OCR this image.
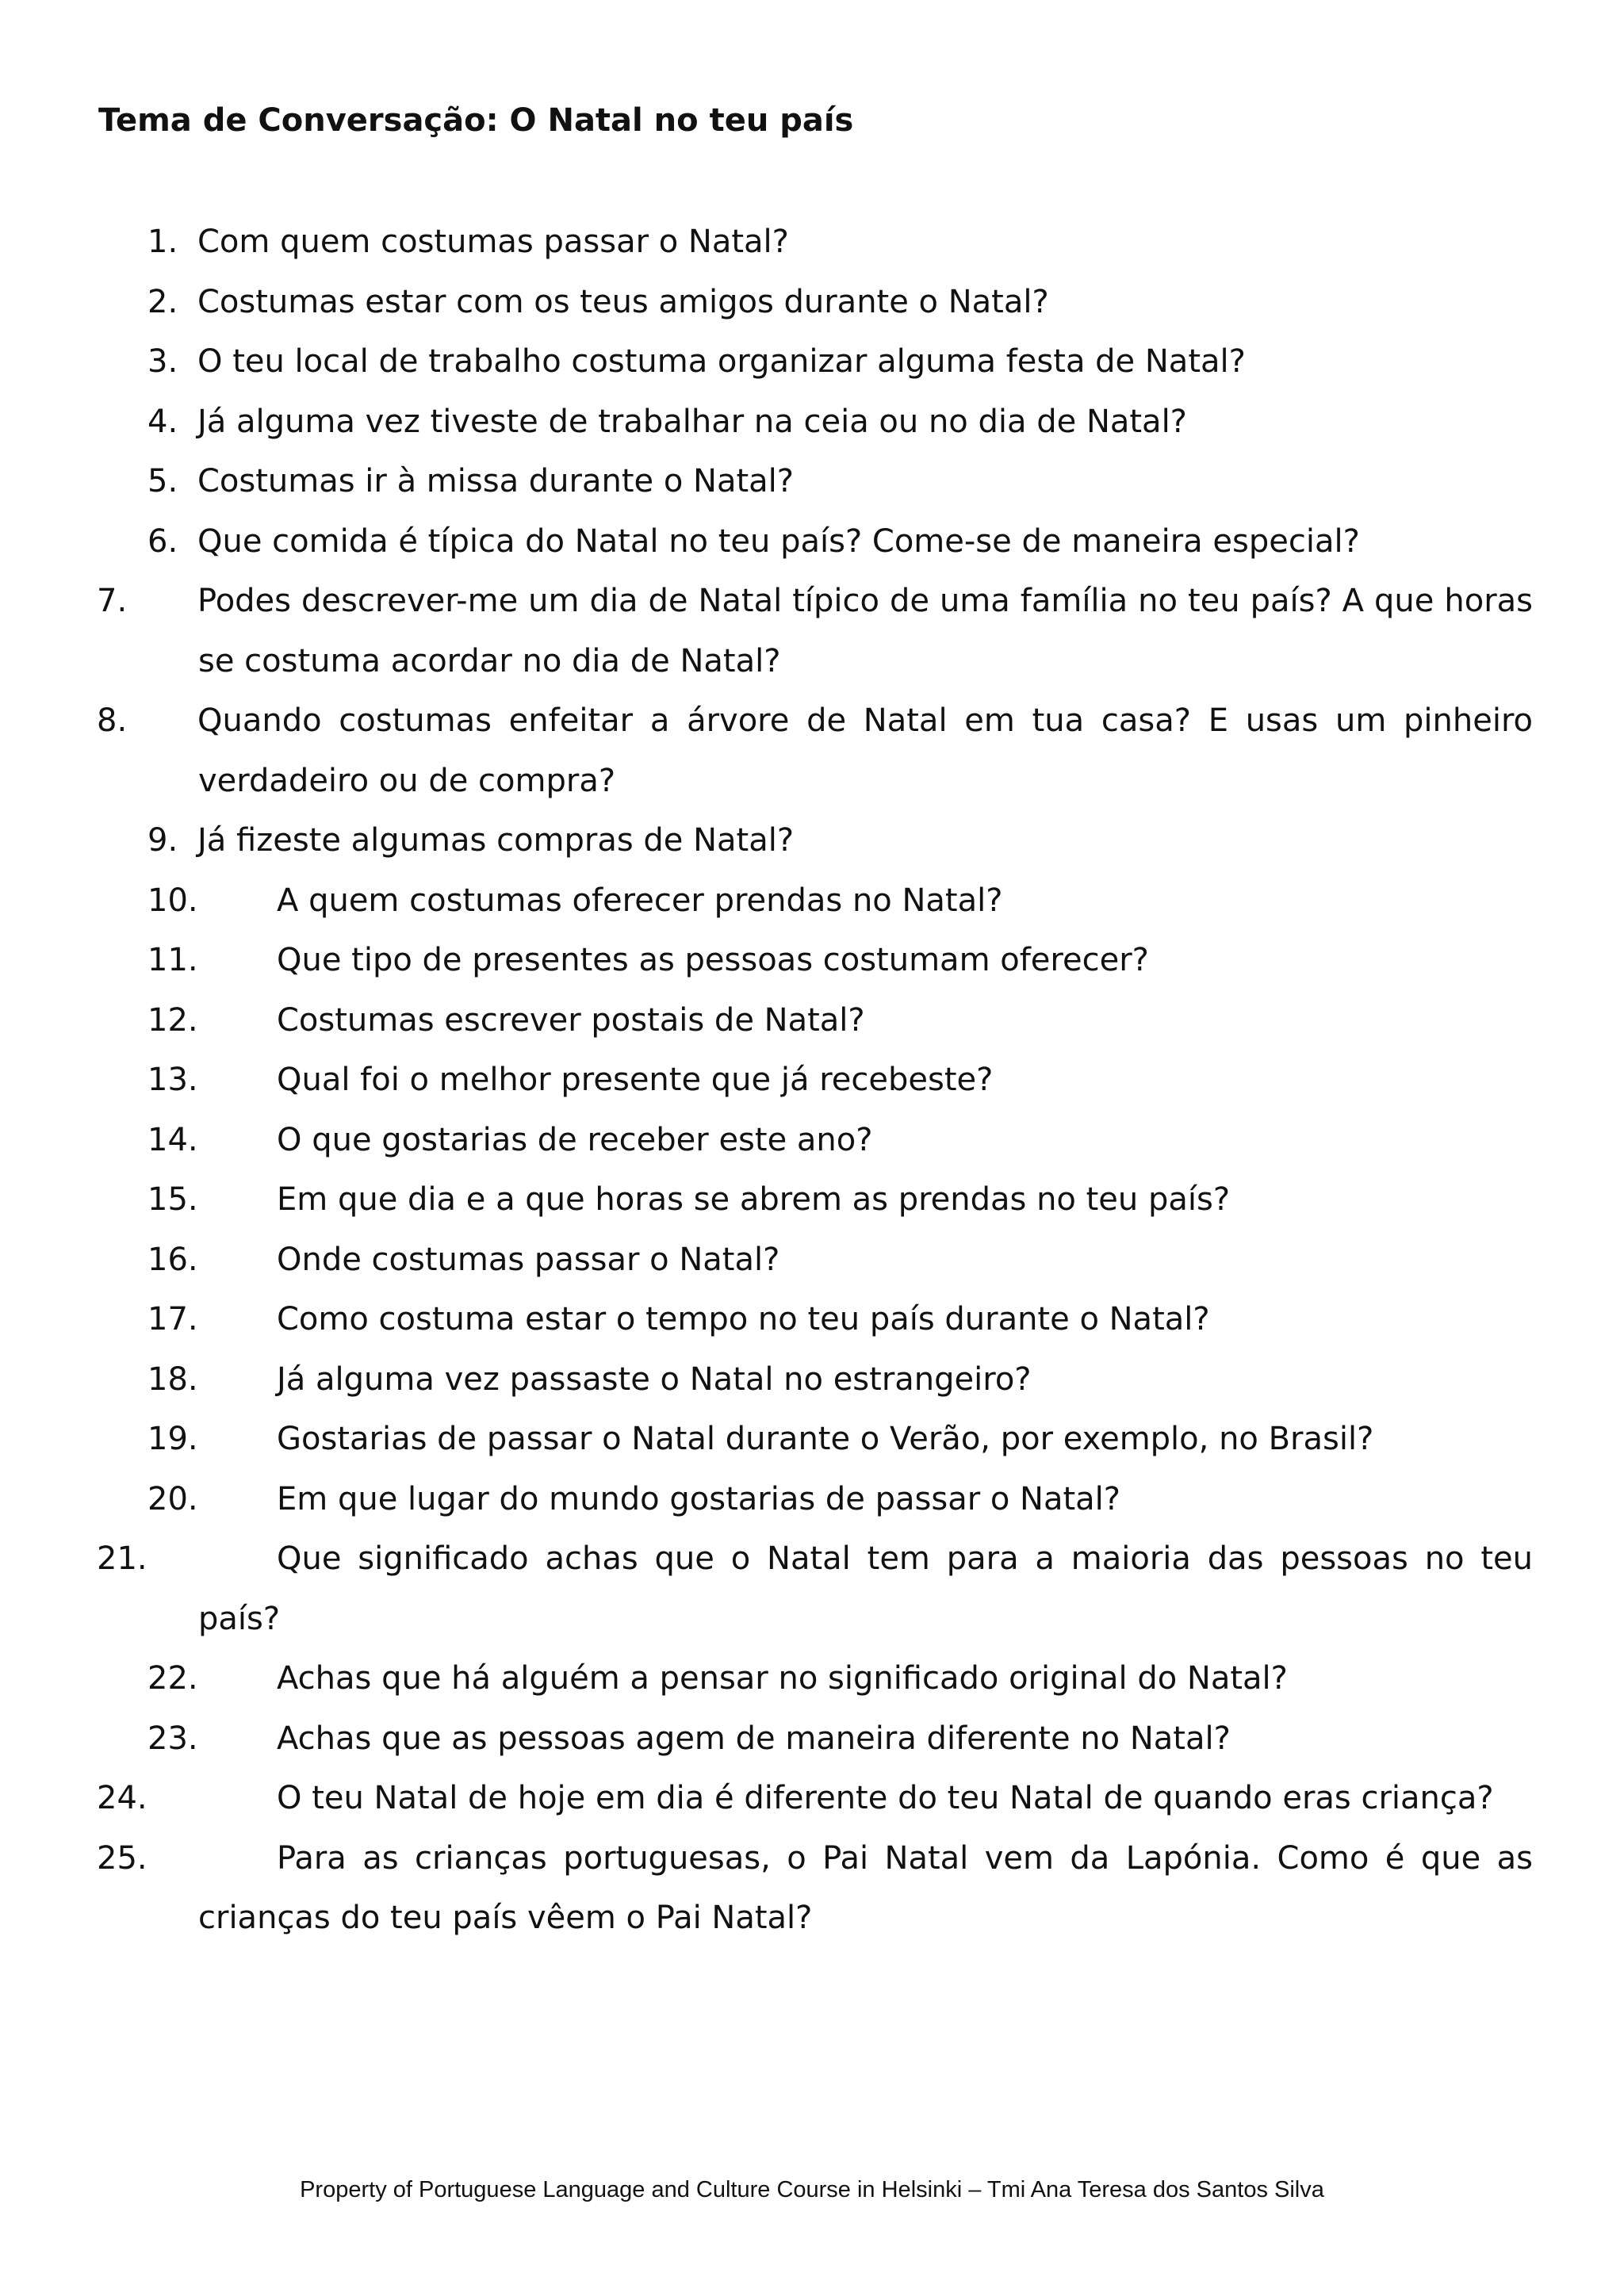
Tema de Conversação: O Natal no teu país
1. Com quem costumas passar o Natal?
2. Costumas estar com os teus amigos durante o Natal?
3. O teu local de trabalho costuma organizar alguma festa de Natal?
4. Já alguma vez tiveste de trabalhar na ceia ou no dia de Natal?
5. Costumas ir à missa durante o Natal?
6. Que comida é típica do Natal no teu país? Come-se de maneira especial?
7. Podes descrever-me um dia de Natal típico de uma família no teu país? A que horas se costuma acordar no dia de Natal?
8. Quando costumas enfeitar a árvore de Natal em tua casa? E usas um pinheiro verdadeiro ou de compra?
9. Já fizeste algumas compras de Natal?
10. A quem costumas oferecer prendas no Natal?
11. Que tipo de presentes as pessoas costumam oferecer?
12. Costumas escrever postais de Natal?
13. Qual foi o melhor presente que já recebeste?
14. O que gostarias de receber este ano?
15. Em que dia e a que horas se abrem as prendas no teu país?
16. Onde costumas passar o Natal?
17. Como costuma estar o tempo no teu país durante o Natal?
18. Já alguma vez passaste o Natal no estrangeiro?
19. Gostarias de passar o Natal durante o Verão, por exemplo, no Brasil?
20. Em que lugar do mundo gostarias de passar o Natal?
21.	Que significado achas que o Natal tem para a maioria das pessoas no teu país?
22. Achas que há alguém a pensar no significado original do Natal?
23. Achas que as pessoas agem de maneira diferente no Natal?
24.	O teu Natal de hoje em dia é diferente do teu Natal de quando eras criança?
25.	Para as crianças portuguesas, o Pai Natal vem da Lapónia. Como é que as crianças do teu país vêem o Pai Natal?
Property of Portuguese Language and Culture Course in Helsinki – Tmi Ana Teresa dos Santos Silva
